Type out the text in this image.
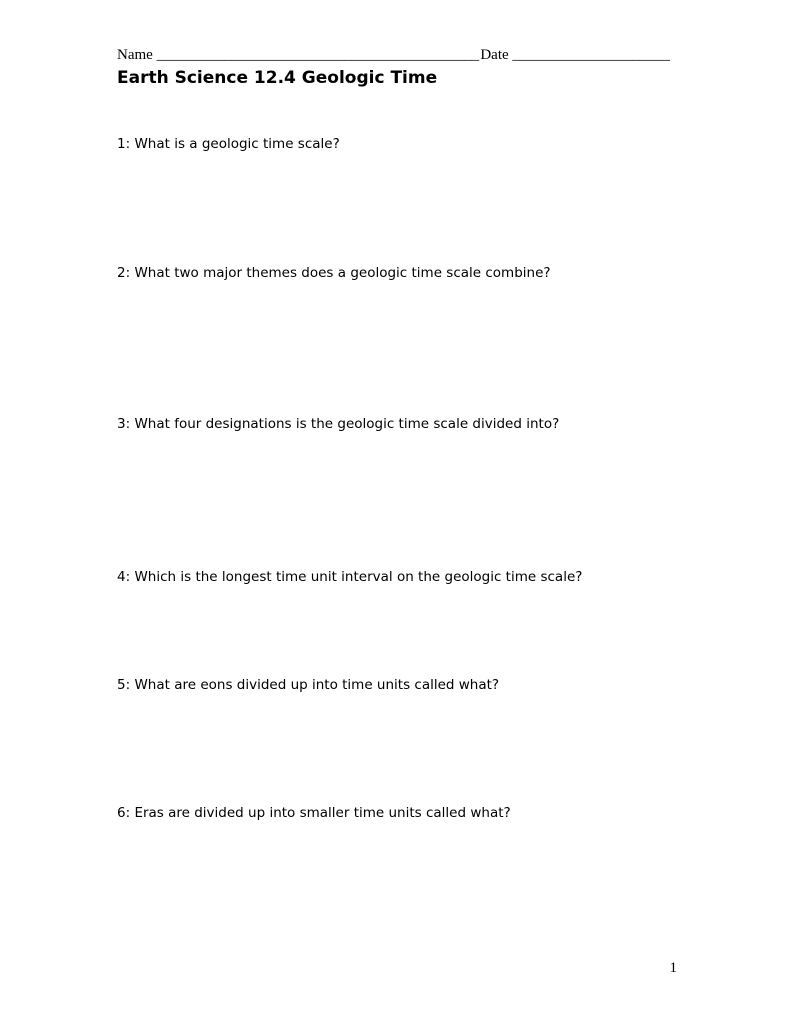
Name ___________________________________________ Date _____________________
Earth Science 12.4 Geologic Time
1: What is a geologic time scale?
2: What two major themes does a geologic time scale combine?
3: What four designations is the geologic time scale divided into?
4: Which is the longest time unit interval on the geologic time scale?
5: What are eons divided up into time units called what?
6: Eras are divided up into smaller time units called what?
1
